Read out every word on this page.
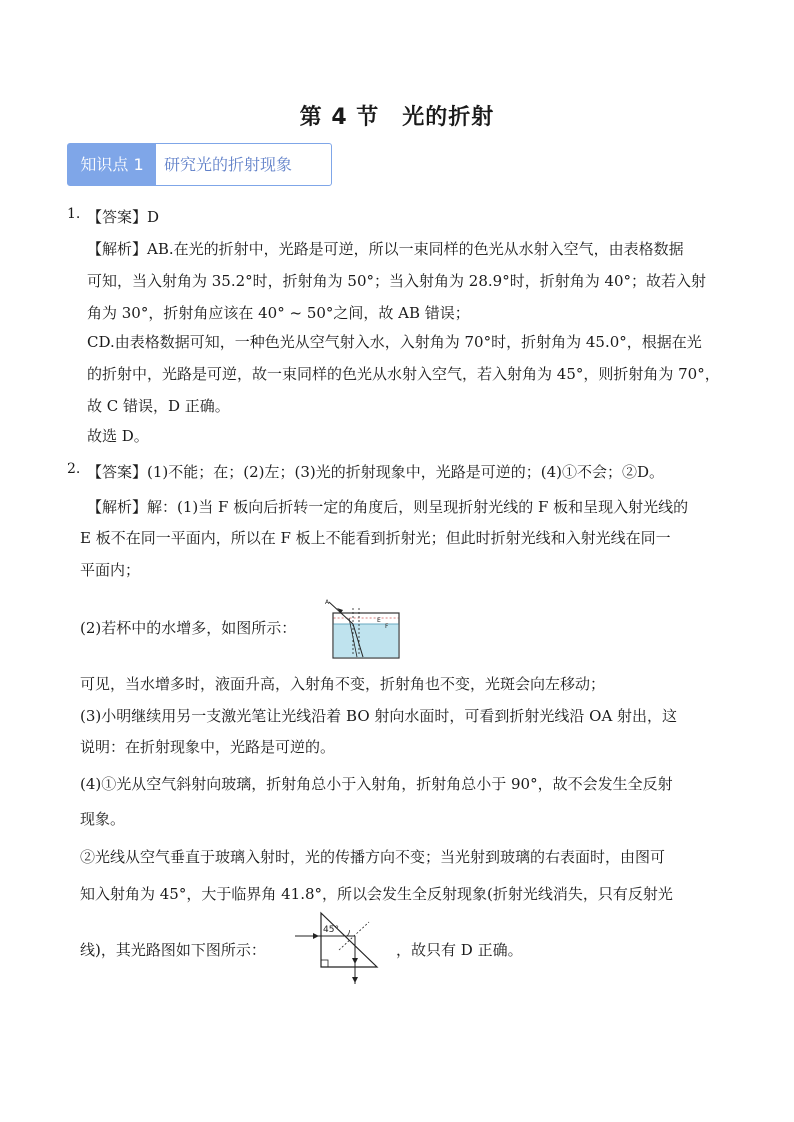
第 4 节　光的折射
知识点 1	研究光的折射现象
1. 【答案】D
【解析】AB.在光的折射中，光路是可逆，所以一束同样的色光从水射入空气，由表格数据
可知，当入射角为 35.2°时，折射角为 50°；当入射角为 28.9°时，折射角为 40°；故若入射
角为 30°，折射角应该在 40° ~ 50°之间，故 AB 错误；
CD.由表格数据可知，一种色光从空气射入水，入射角为 70°时，折射角为 45.0°，根据在光
的折射中，光路是可逆，故一束同样的色光从水射入空气，若入射角为 45°，则折射角为 70°，
故 C 错误，D 正确。
故选 D。
2. 【答案】(1)不能；在；(2)左；(3)光的折射现象中，光路是可逆的；(4)①不会；②D。
【解析】解：(1)当 F 板向后折转一定的角度后，则呈现折射光线的 F 板和呈现入射光线的
E 板不在同一平面内，所以在 F 板上不能看到折射光；但此时折射光线和入射光线在同一
平面内；
(2)若杯中的水增多，如图所示：
A
E
F
可见，当水增多时，液面升高，入射角不变，折射角也不变，光斑会向左移动；
(3)小明继续用另一支激光笔让光线沿着 BO 射向水面时，可看到折射光线沿 OA 射出，这
说明：在折射现象中，光路是可逆的。
(4)①光从空气斜射向玻璃，折射角总小于入射角，折射角总小于 90°，故不会发生全反射
现象。
②光线从空气垂直于玻璃入射时，光的传播方向不变；当光射到玻璃的右表面时，由图可
知入射角为 45°，大于临界角 41.8°，所以会发生全反射现象(折射光线消失，只有反射光
线)，其光路图如下图所示：
45°
，故只有 D 正确。
